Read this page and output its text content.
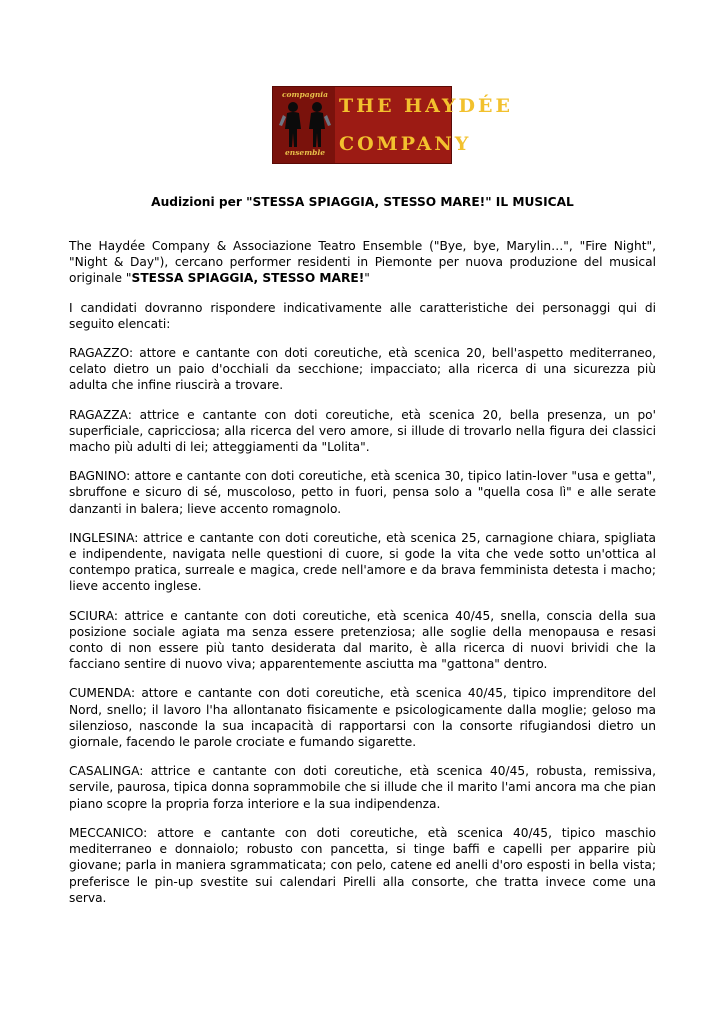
compagnia
ensemble
THE HAYDÉE
COMPANY
Audizioni per "STESSA SPIAGGIA, STESSO MARE!" IL MUSICAL

The Haydée Company & Associazione Teatro Ensemble ("Bye, bye, Marylin…", "Fire Night", "Night & Day"), cercano performer residenti in Piemonte per nuova produzione del musical originale "STESSA SPIAGGIA, STESSO MARE!"

I candidati dovranno rispondere indicativamente alle caratteristiche dei personaggi qui di seguito elencati:

RAGAZZO: attore e cantante con doti coreutiche, età scenica 20, bell'aspetto mediterraneo, celato dietro un paio d'occhiali da secchione; impacciato; alla ricerca di una sicurezza più adulta che infine riuscirà a trovare.

RAGAZZA: attrice e cantante con doti coreutiche, età scenica 20, bella presenza, un po' superficiale, capricciosa; alla ricerca del vero amore, si illude di trovarlo nella figura dei classici macho più adulti di lei; atteggiamenti da "Lolita".

BAGNINO: attore e cantante con doti coreutiche, età scenica 30, tipico latin-lover "usa e getta", sbruffone e sicuro di sé, muscoloso, petto in fuori, pensa solo a "quella cosa lì" e alle serate danzanti in balera; lieve accento romagnolo.

INGLESINA: attrice e cantante con doti coreutiche, età scenica 25, carnagione chiara, spigliata e indipendente, navigata nelle questioni di cuore, si gode la vita che vede sotto un'ottica al contempo pratica, surreale e magica, crede nell'amore e da brava femminista detesta i macho; lieve accento inglese.

SCIURA: attrice e cantante con doti coreutiche, età scenica 40/45, snella, conscia della sua posizione sociale agiata ma senza essere pretenziosa; alle soglie della menopausa e resasi conto di non essere più tanto desiderata dal marito, è alla ricerca di nuovi brividi che la facciano sentire di nuovo viva; apparentemente asciutta ma "gattona" dentro.

CUMENDA: attore e cantante con doti coreutiche, età scenica 40/45, tipico imprenditore del Nord, snello; il lavoro l'ha allontanato fisicamente e psicologicamente dalla moglie; geloso ma silenzioso, nasconde la sua incapacità di rapportarsi con la consorte rifugiandosi dietro un giornale, facendo le parole crociate e fumando sigarette.

CASALINGA: attrice e cantante con doti coreutiche, età scenica 40/45, robusta, remissiva, servile, paurosa, tipica donna soprammobile che si illude che il marito l'ami ancora ma che pian piano scopre la propria forza interiore e la sua indipendenza.

MECCANICO: attore e cantante con doti coreutiche, età scenica 40/45, tipico maschio mediterraneo e donnaiolo; robusto con pancetta, si tinge baffi e capelli per apparire più giovane; parla in maniera sgrammaticata; con pelo, catene ed anelli d'oro esposti in bella vista; preferisce le pin-up svestite sui calendari Pirelli alla consorte, che tratta invece come una serva.
